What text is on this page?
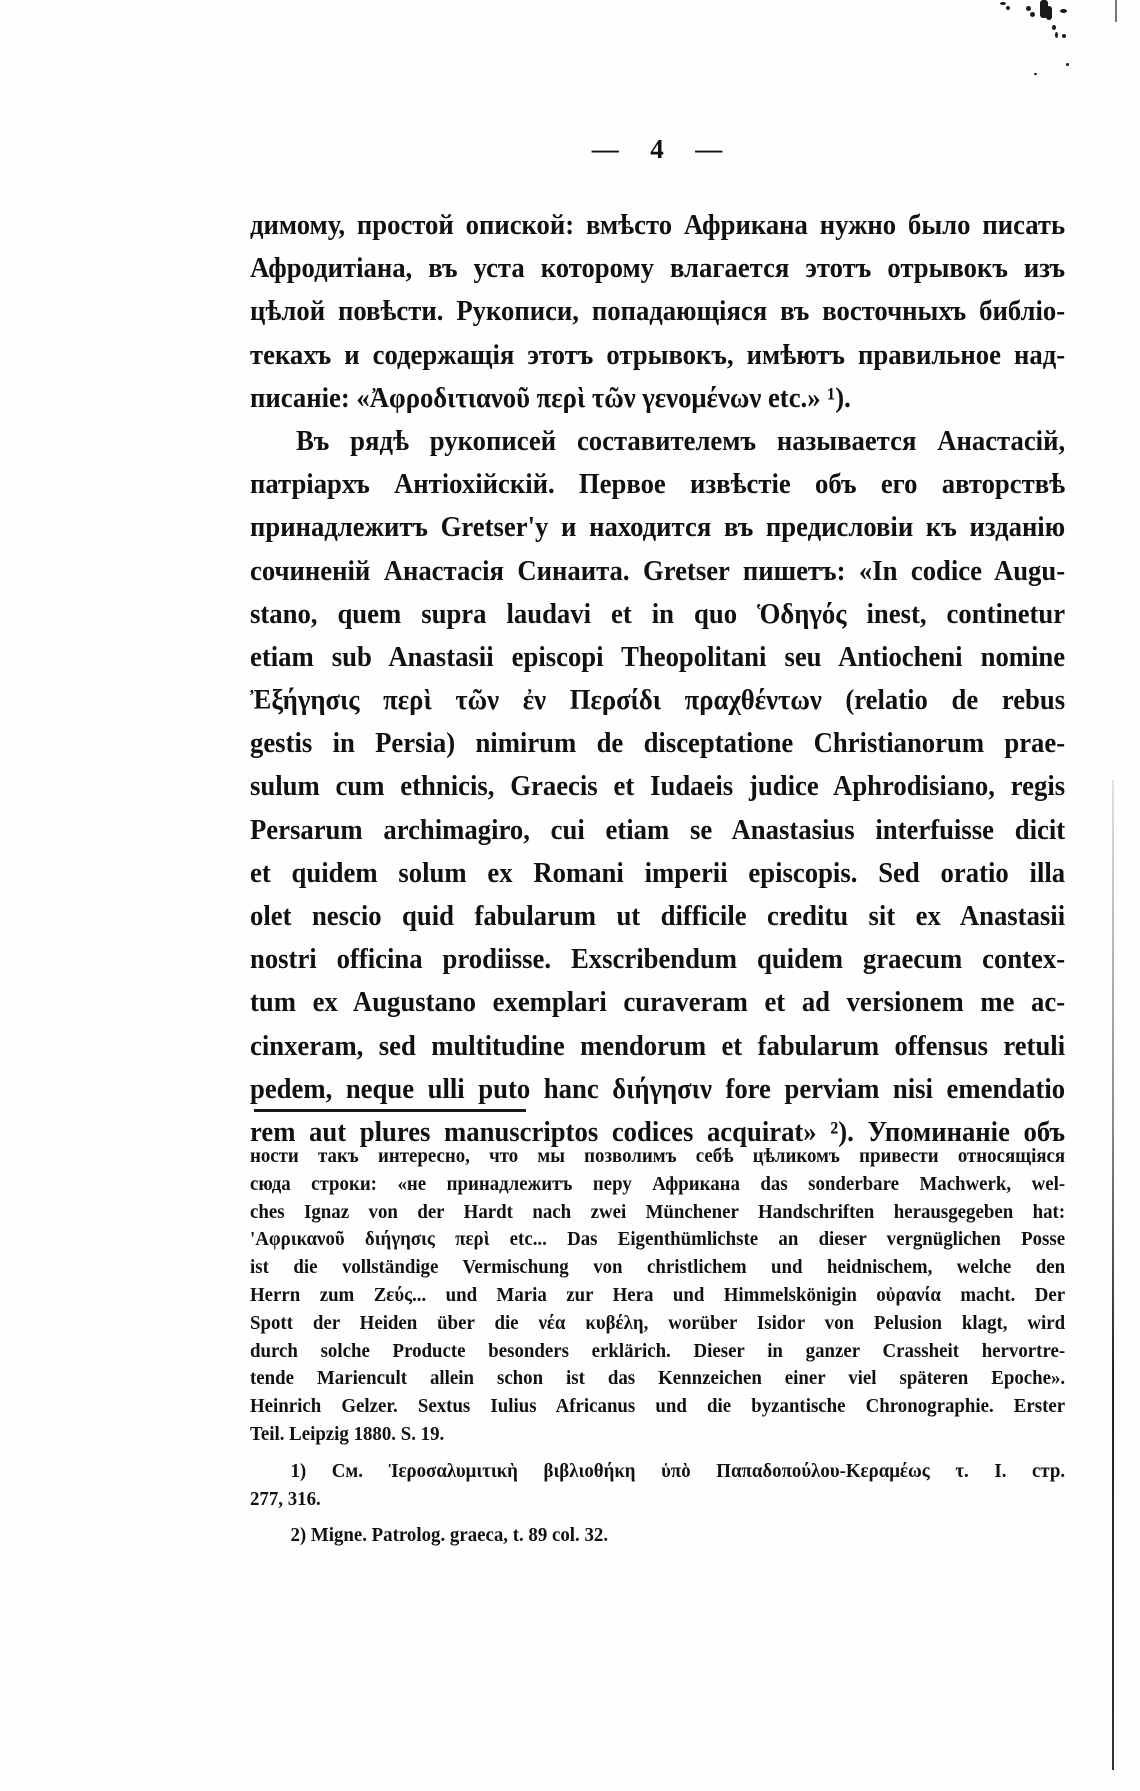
—  4  —
димому, простой опиской: вмѣсто Африкана нужно было писать
Афродитіана, въ уста которому влагается этотъ отрывокъ изъ
цѣлой повѣсти. Рукописи, попадающіяся въ восточныхъ библіо-
текахъ и содержащія этотъ отрывокъ, имѣютъ правильное над-
писаніе: «Ἀφροδιτιανοῦ περὶ τῶν γενομένων etc.» ¹).
Въ рядѣ рукописей составителемъ называется Анастасій,
патріархъ Антіохійскій. Первое извѣстіе объ его авторствѣ
принадлежитъ Gretser'у и находится въ предисловіи къ изданію
сочиненій Анастасія Синаита. Gretser пишетъ: «In codice Augu-
stano, quem supra laudavi et in quo Ὁδηγός inest, continetur
etiam sub Anastasii episcopi Theopolitani seu Antiocheni nomine
Ἐξήγησις περὶ τῶν ἐν Περσίδι πραχθέντων (relatio de rebus
gestis in Persia) nimirum de disceptatione Christianorum prae-
sulum cum ethnicis, Graecis et Iudaeis judice Aphrodisiano, regis
Persarum archimagiro, cui etiam se Anastasius interfuisse dicit
et quidem solum ex Romani imperii episcopis. Sed oratio illa
olet nescio quid fabularum ut difficile creditu sit ex Anastasii
nostri officina prodiisse. Exscribendum quidem graecum contex-
tum ex Augustano exemplari curaveram et ad versionem me ac-
cinxeram, sed multitudine mendorum et fabularum offensus retuli
pedem, neque ulli puto hanc διήγησιν fore perviam nisi emendatio
rem aut plures manuscriptos codices acquirat» ²). Упоминаніе объ
ности такъ интересно, что мы позволимъ себѣ цѣликомъ привести относящіяся
сюда строки: «не принадлежитъ перу Африкана das sonderbare Machwerk, wel-
ches Ignaz von der Hardt nach zwei Münchener Handschriften herausgegeben hat:
'Αφρικανοῦ διήγησις περὶ etc... Das Eigenthümlichste an dieser vergnüglichen Posse
ist die vollständige Vermischung von christlichem und heidnischem, welche den
Herrn zum Ζεύς... und Maria zur Hera und Himmelskönigin οὐρανία macht. Der
Spott der Heiden über die νέα κυβέλη, worüber Isidor von Pelusion klagt, wird
durch solche Producte besonders erklärich. Dieser in ganzer Crassheit hervortre-
tende Mariencult allein schon ist das Kennzeichen einer viel späteren Epoche».
Heinrich Gelzer. Sextus Iulius Africanus und die byzantische Chronographie. Erster
Teil. Leipzig 1880. S. 19.
1) См. Ἱεροσαλυμιτικὴ βιβλιοθήκη ὑπὸ Παπαδοπούλου-Κεραμέως τ. I. стр.
277, 316.
2) Migne. Patrolog. graeca, t. 89 col. 32.
